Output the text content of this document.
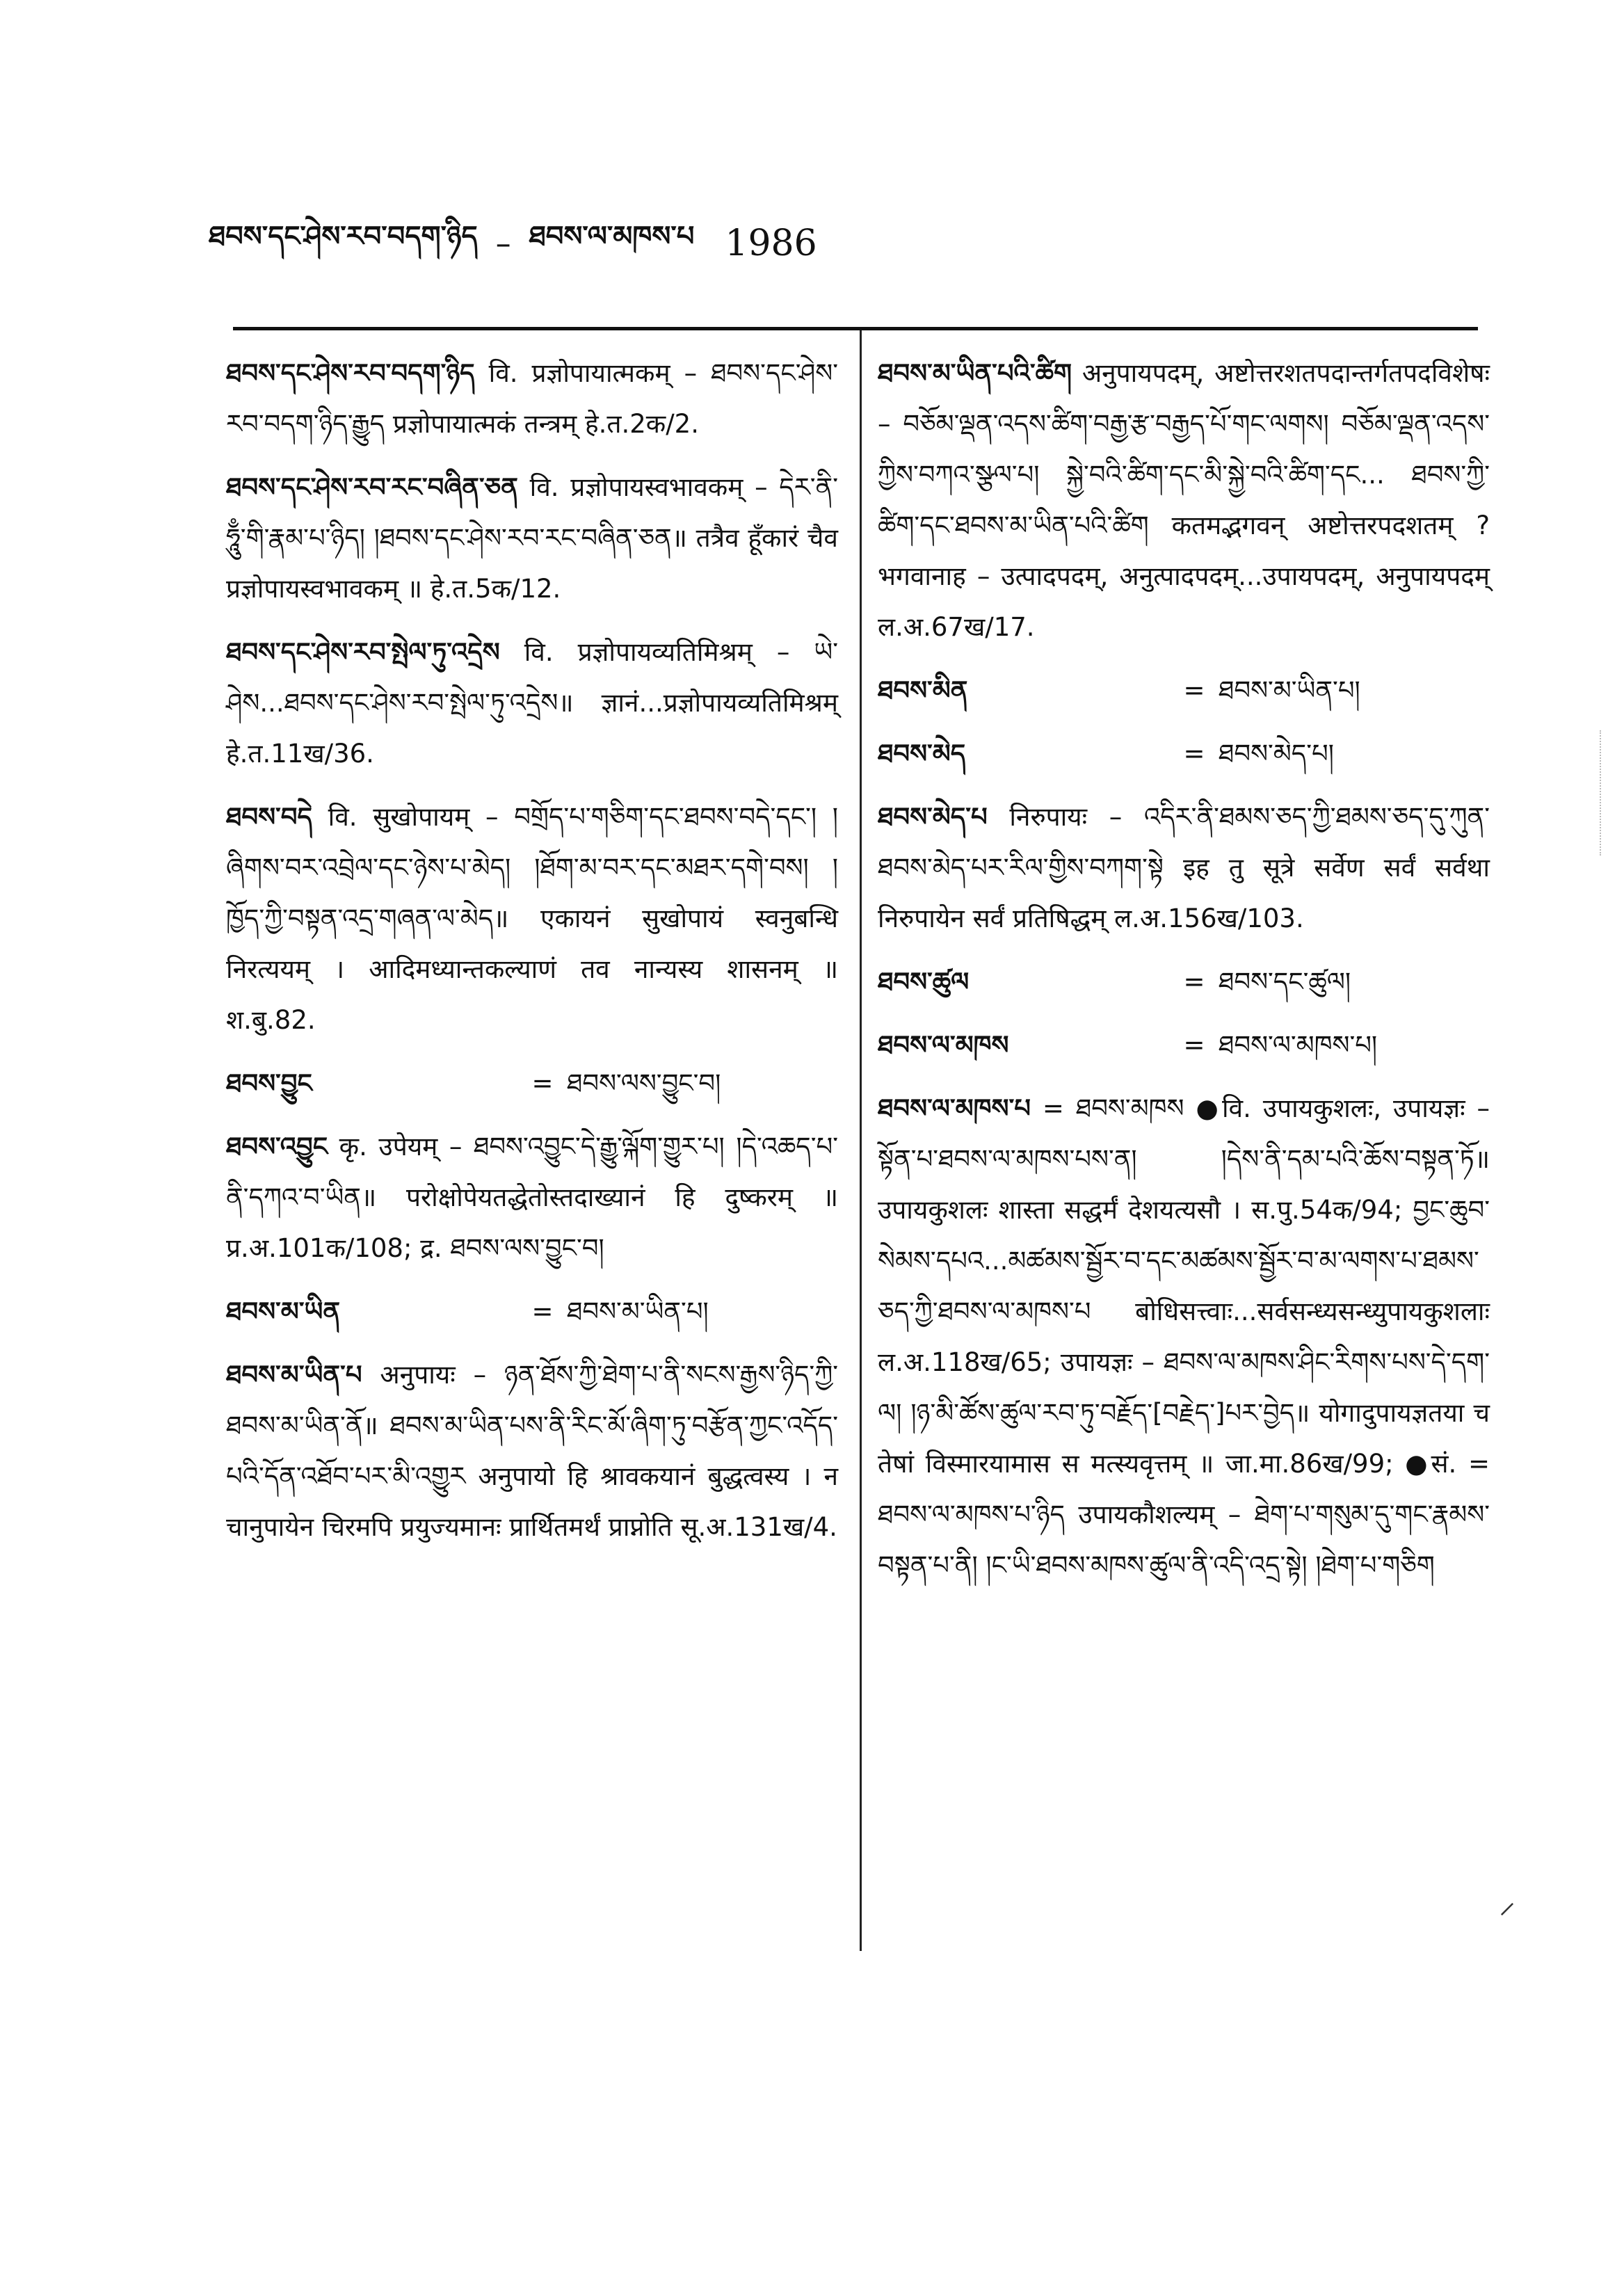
ཐབས་དང་ཤེས་རབ་བདག་ཉིད – ཐབས་ལ་མཁས་པ 1986

ཐབས་དང་ཤེས་རབ་བདག་ཉིད वि. प्रज्ञोपायात्मकम् – ཐབས་དང་ཤེས་རབ་བདག་ཉིད་རྒྱུད प्रज्ञोपायात्मकं तन्त्रम् हे.त.2क/2.

ཐབས་དང་ཤེས་རབ་རང་བཞིན་ཅན वि. प्रज्ञोपायस्वभावकम् – དེར་ནི་ཧཱུྃ་གི་རྣམ་པ་ཉིད། །ཐབས་དང་ཤེས་རབ་རང་བཞིན་ཅན॥ तत्रैव हूँकारं चैव प्रज्ञोपायस्वभावकम् ॥ हे.त.5क/12.

ཐབས་དང་ཤེས་རབ་སྤེལ་ཏུ་འདྲེས वि. प्रज्ञोपायव्यतिमिश्रम् – ཡེ་ཤེས...ཐབས་དང་ཤེས་རབ་སྤེལ་ཏུ་འདྲེས॥ ज्ञानं...प्रज्ञोपायव्यतिमिश्रम् हे.त.11ख/36.

ཐབས་བདེ वि. सुखोपायम् – བགྲོད་པ་གཅིག་དང་ཐབས་བདེ་དང་། །ཞིགས་བར་འབྲེལ་དང་ཉེས་པ་མེད། །ཐོག་མ་བར་དང་མཐར་དགེ་བས། །ཁྱོད་ཀྱི་བསྟན་འདྲ་གཞན་ལ་མེད॥ एकायनं सुखोपायं स्वनुबन्धि निरत्ययम् । आदिमध्यान्तकल्याणं तव नान्यस्य शासनम् ॥ श.बु.82.

ཐབས་བྱུང	= ཐབས་ལས་བྱུང་བ།

ཐབས་འབྱུང कृ. उपेयम् – ཐབས་འབྱུང་དེ་རྒྱུ་ལྐོག་གྱུར་པ། །དེ་འཆད་པ་ནི་དཀའ་བ་ཡིན॥ परोक्षोपेयतद्धेतोस्तदाख्यानं हि दुष्करम् ॥ प्र.अ.101क/108; द्र. ཐབས་ལས་བྱུང་བ།

ཐབས་མ་ཡིན	= ཐབས་མ་ཡིན་པ།

ཐབས་མ་ཡིན་པ अनुपायः – ཉན་ཐོས་ཀྱི་ཐེག་པ་ནི་སངས་རྒྱས་ཉིད་ཀྱི་ཐབས་མ་ཡིན་ནོ॥ ཐབས་མ་ཡིན་པས་ནི་རིང་མོ་ཞིག་ཏུ་བརྩོན་ཀྱང་འདོད་པའི་དོན་འཐོབ་པར་མི་འགྱུར अनुपायो हि श्रावकयानं बुद्धत्वस्य । न चानुपायेन चिरमपि प्रयुज्यमानः प्रार्थितमर्थं प्राप्नोति सू.अ.131ख/4.

ཐབས་མ་ཡིན་པའི་ཚིག अनुपायपदम्, अष्टोत्तरशतपदान्तर्गतपदविशेषः – བཅོམ་ལྡན་འདས་ཚིག་བརྒྱ་རྩ་བརྒྱད་པོ་གང་ལགས། བཅོམ་ལྡན་འདས་ཀྱིས་བཀའ་སྩལ་པ། སྐྱེ་བའི་ཚིག་དང་མི་སྐྱེ་བའི་ཚིག་དང... ཐབས་ཀྱི་ཚིག་དང་ཐབས་མ་ཡིན་པའི་ཚིག कतमद्भगवन् अष्टोत्तरपदशतम् ? भगवानाह – उत्पादपदम्, अनुत्पादपदम्...उपायपदम्, अनुपायपदम् ल.अ.67ख/17.

ཐབས་མིན	= ཐབས་མ་ཡིན་པ།
ཐབས་མེད	= ཐབས་མེད་པ།

ཐབས་མེད་པ निरुपायः – འདིར་ནི་ཐམས་ཅད་ཀྱི་ཐམས་ཅད་དུ་ཀུན་ཐབས་མེད་པར་རིལ་གྱིས་བཀག་སྟེ इह तु सूत्रे सर्वेण सर्वं सर्वथा निरुपायेन सर्वं प्रतिषिद्धम् ल.अ.156ख/103.

ཐབས་ཚུལ	= ཐབས་དང་ཚུལ།
ཐབས་ལ་མཁས	= ཐབས་ལ་མཁས་པ།

ཐབས་ལ་མཁས་པ = ཐབས་མཁས ●वि. उपायकुशलः, उपायज्ञः – སྟོན་པ་ཐབས་ལ་མཁས་པས་ན། །དེས་ནི་དམ་པའི་ཆོས་བསྟན་ཏོ॥ उपायकुशलः शास्ता सद्धर्मं देशयत्यसौ । स.पु.54क/94; བྱང་ཆུབ་སེམས་དཔའ...མཚམས་སྦྱོར་བ་དང་མཚམས་སྦྱོར་བ་མ་ལགས་པ་ཐམས་ཅད་ཀྱི་ཐབས་ལ་མཁས་པ बोधिसत्त्वाः...सर्वसन्ध्यसन्ध्युपायकुशलाः ल.अ.118ख/65; उपायज्ञः – ཐབས་ལ་མཁས་ཤིང་རིགས་པས་དེ་དག་ལ། །ཉ་མི་ཚོས་ཚུལ་རབ་ཏུ་བརྗོད་[བརྗེད་]པར་བྱེད॥ योगादुपायज्ञतया च तेषां विस्मारयामास स मत्स्यवृत्तम् ॥ जा.मा.86ख/99; ●सं. = ཐབས་ལ་མཁས་པ་ཉིད उपायकौशल्यम् – ཐེག་པ་གསུམ་དུ་གང་རྣམས་བསྟན་པ་ནི། །ང་ཡི་ཐབས་མཁས་ཚུལ་ནི་འདི་འདྲ་སྟེ། །ཐེག་པ་གཅིག

⸝
